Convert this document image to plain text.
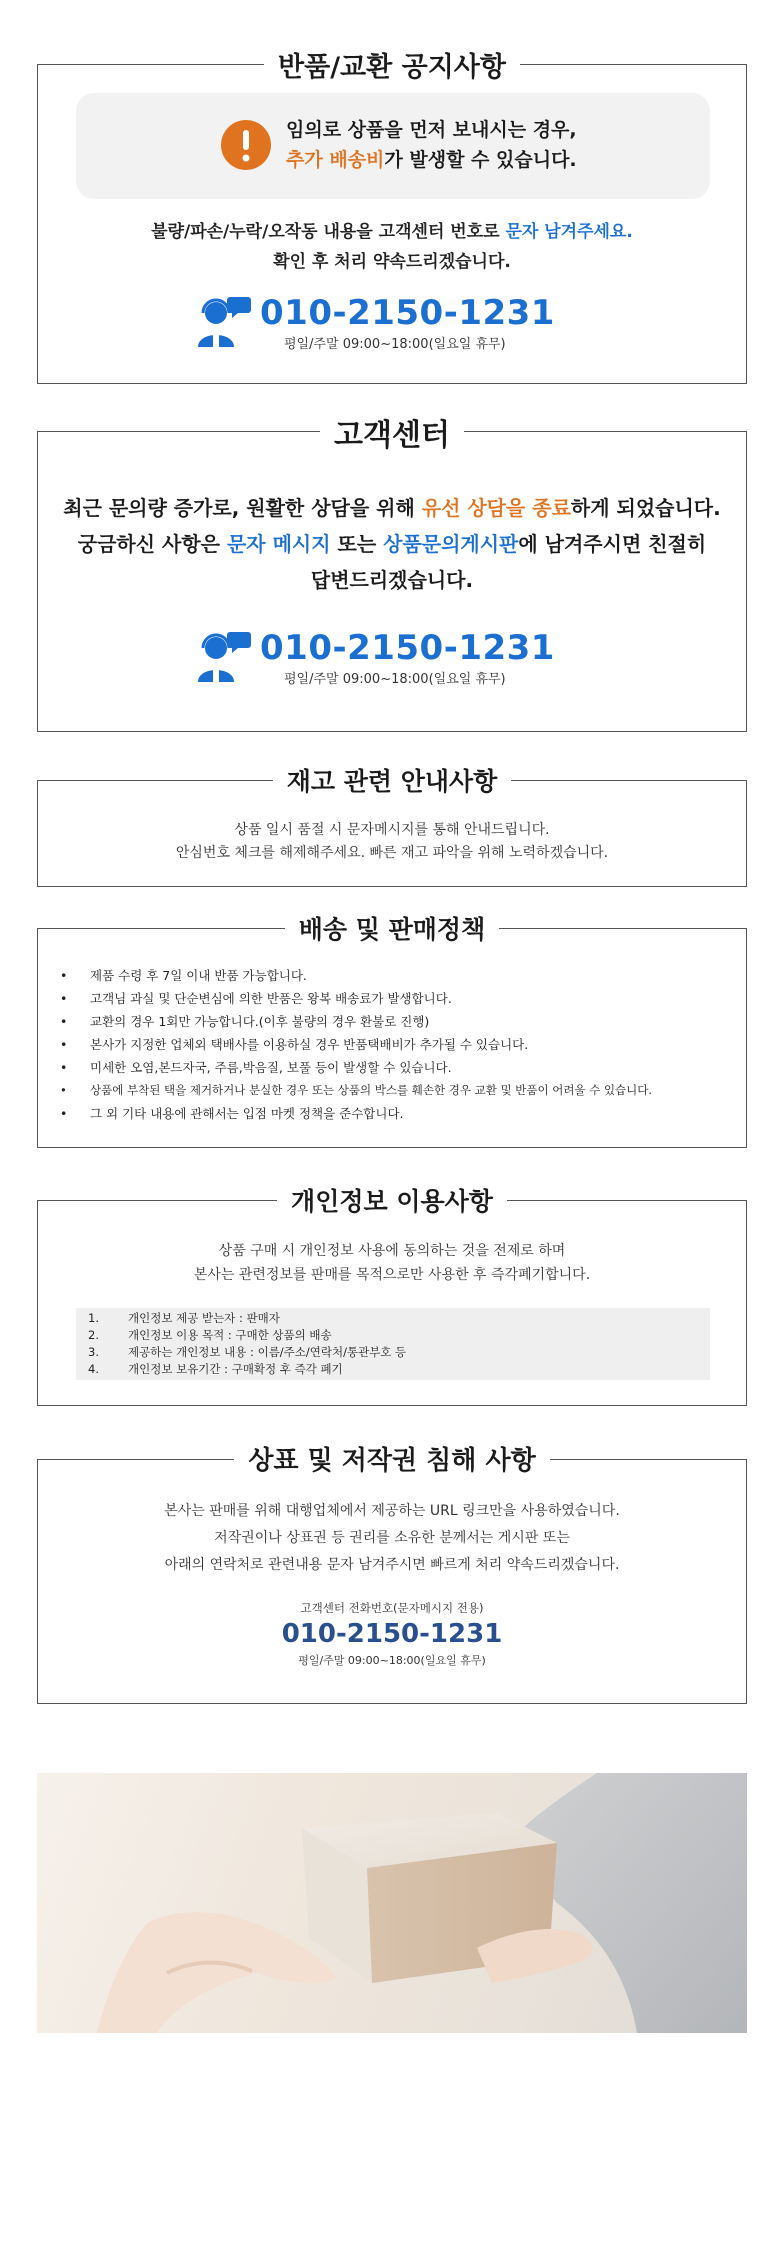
반품/교환 공지사항
임의로 상품을 먼저 보내시는 경우,
추가 배송비가 발생할 수 있습니다.
불량/파손/누락/오작동 내용을 고객센터 번호로 문자 남겨주세요.
확인 후 처리 약속드리겠습니다.
010-2150-1231
평일/주말 09:00~18:00(일요일 휴무)
고객센터
최근 문의량 증가로, 원활한 상담을 위해 유선 상담을 종료하게 되었습니다.
궁금하신 사항은 문자 메시지 또는 상품문의게시판에 남겨주시면 친절히
답변드리겠습니다.
010-2150-1231
평일/주말 09:00~18:00(일요일 휴무)
재고 관련 안내사항
상품 일시 품절 시 문자메시지를 통해 안내드립니다.
안심번호 체크를 해제해주세요. 빠른 재고 파악을 위해 노력하겠습니다.
배송 및 판매정책
• 제품 수령 후 7일 이내 반품 가능합니다.
• 고객님 과실 및 단순변심에 의한 반품은 왕복 배송료가 발생합니다.
• 교환의 경우 1회만 가능합니다.(이후 불량의 경우 환불로 진행)
• 본사가 지정한 업체외 택배사를 이용하실 경우 반품택배비가 추가될 수 있습니다.
• 미세한 오염,본드자국, 주름,박음질, 보풀 등이 발생할 수 있습니다.
• 상품에 부착된 택을 제거하거나 분실한 경우 또는 상품의 박스를 훼손한 경우 교환 및 반품이 어려울 수 있습니다.
• 그 외 기타 내용에 관해서는 입점 마켓 정책을 준수합니다.
개인정보 이용사항
상품 구매 시 개인정보 사용에 동의하는 것을 전제로 하며
본사는 관련정보를 판매를 목적으로만 사용한 후 즉각폐기합니다.
1.	개인정보 제공 받는자 : 판매자
2.	개인정보 이용 목적 : 구매한 상품의 배송
3.	제공하는 개인정보 내용 : 이름/주소/연락처/통관부호 등
4.	개인정보 보유기간 : 구매확정 후 즉각 폐기
상표 및 저작권 침해 사항
본사는 판매를 위해 대행업체에서 제공하는 URL 링크만을 사용하였습니다.
저작권이나 상표권 등 권리를 소유한 분께서는 게시판 또는
아래의 연락처로 관련내용 문자 남겨주시면 빠르게 처리 약속드리겠습니다.
고객센터 전화번호(문자메시지 전용)
010-2150-1231
평일/주말 09:00~18:00(일요일 휴무)
